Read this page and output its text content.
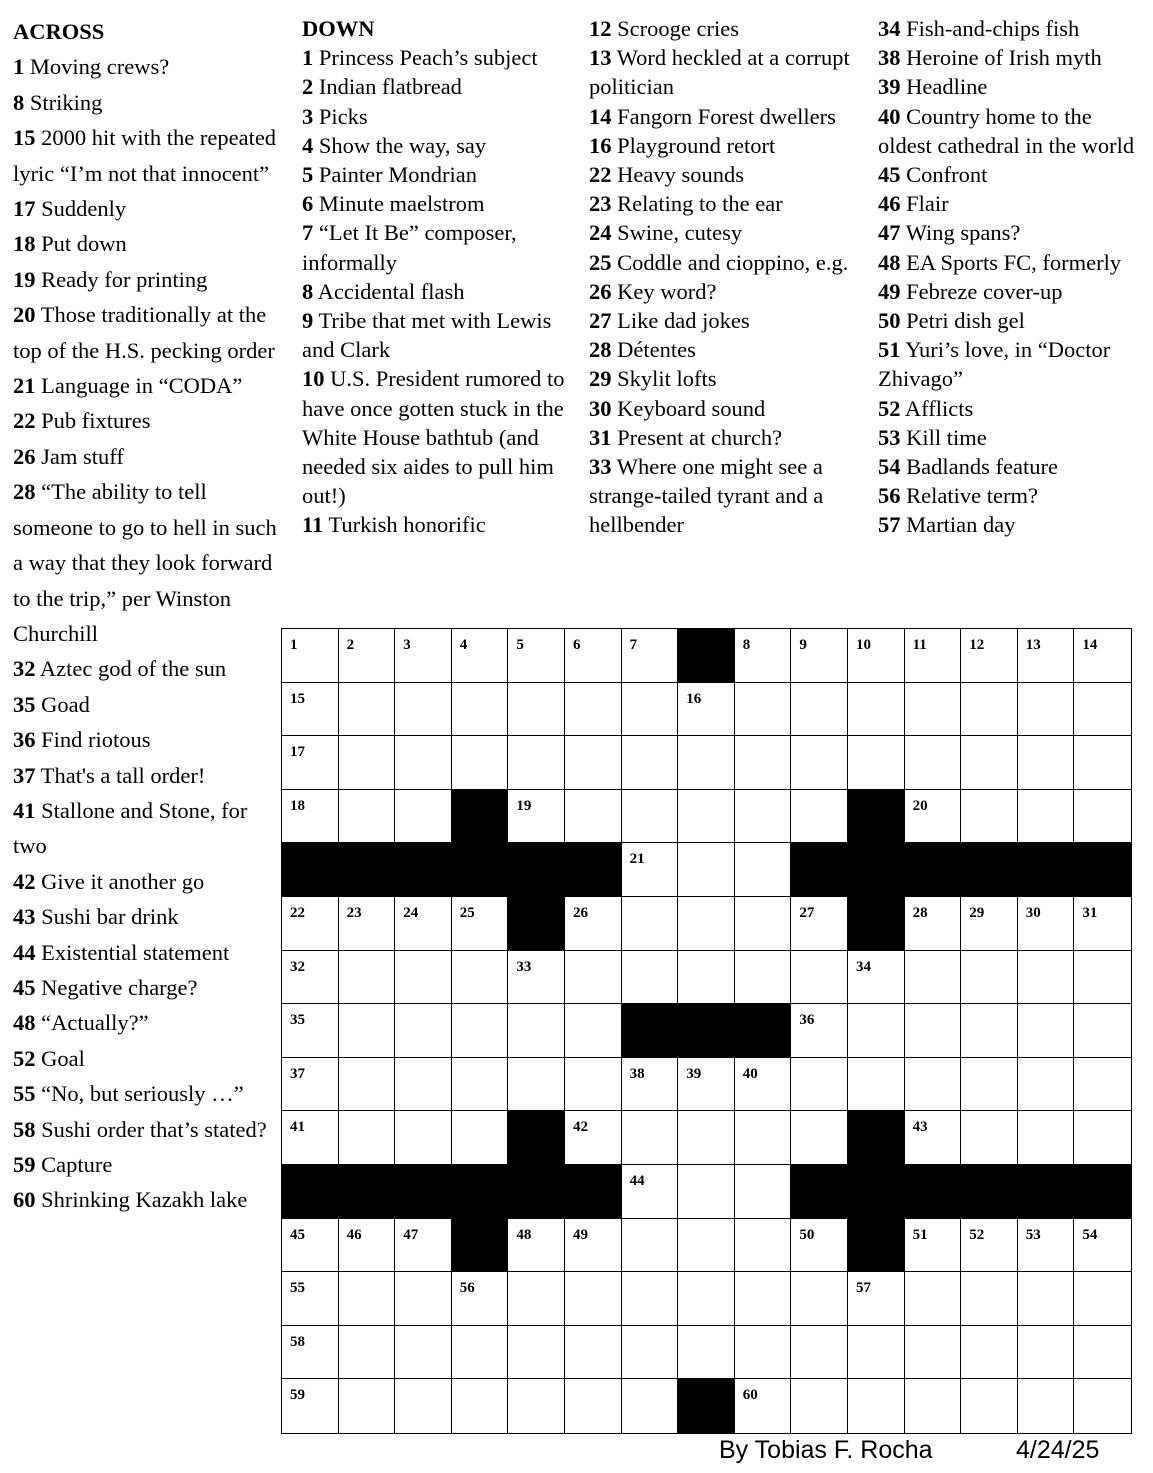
ACROSS
1 Moving crews?
8 Striking
15 2000 hit with the repeated lyric “I’m not that innocent”
17 Suddenly
18 Put down
19 Ready for printing
20 Those traditionally at the top of the H.S. pecking order
21 Language in “CODA”
22 Pub fixtures
26 Jam stuff
28 “The ability to tell someone to go to hell in such a way that they look forward to the trip,” per Winston Churchill
32 Aztec god of the sun
35 Goad
36 Find riotous
37 That's a tall order!
41 Stallone and Stone, for two
42 Give it another go
43 Sushi bar drink
44 Existential statement
45 Negative charge?
48 “Actually?”
52 Goal
55 “No, but seriously …”
58 Sushi order that’s stated?
59 Capture
60 Shrinking Kazakh lake
DOWN
1 Princess Peach’s subject
2 Indian flatbread
3 Picks
4 Show the way, say
5 Painter Mondrian
6 Minute maelstrom
7 “Let It Be” composer, informally
8 Accidental flash
9 Tribe that met with Lewis and Clark
10 U.S. President rumored to have once gotten stuck in the White House bathtub (and needed six aides to pull him out!)
11 Turkish honorific
12 Scrooge cries
13 Word heckled at a corrupt politician
14 Fangorn Forest dwellers
16 Playground retort
22 Heavy sounds
23 Relating to the ear
24 Swine, cutesy
25 Coddle and cioppino, e.g.
26 Key word?
27 Like dad jokes
28 Détentes
29 Skylit lofts
30 Keyboard sound
31 Present at church?
33 Where one might see a strange-tailed tyrant and a hellbender
34 Fish-and-chips fish
38 Heroine of Irish myth
39 Headline
40 Country home to the oldest cathedral in the world
45 Confront
46 Flair
47 Wing spans?
48 EA Sports FC, formerly
49 Febreze cover-up
50 Petri dish gel
51 Yuri’s love, in “Doctor Zhivago”
52 Afflicts
53 Kill time
54 Badlands feature
56 Relative term?
57 Martian day
1	2	3	4	5	6	7	8	9	10	11	12	13	14
15	16
17
18	19	20
21
22	23	24	25	26	27	28	29	30	31
32	33	34
35	36
37	38	39	40
41	42	43
44
45	46	47	48	49	50	51	52	53	54
55	56	57
58
59	60
By Tobias F. Rocha	4/24/25
